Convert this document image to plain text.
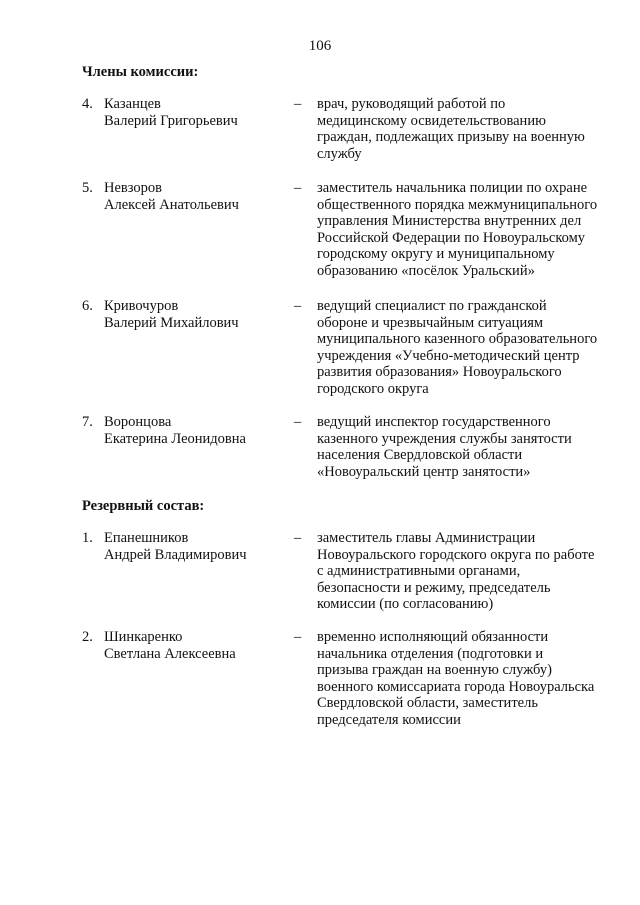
106
Члены комиссии:
4. Казанцев
Валерий Григорьевич
– врач, руководящий работой по
медицинскому освидетельствованию
граждан, подлежащих призыву на военную
службу
5. Невзоров
Алексей Анатольевич
– заместитель начальника полиции по охране
общественного порядка межмуниципального
управления Министерства внутренних дел
Российской Федерации по Новоуральскому
городскому округу и муниципальному
образованию «посёлок Уральский»
6. Кривочуров
Валерий Михайлович
– ведущий специалист по гражданской
обороне и чрезвычайным ситуациям
муниципального казенного образовательного
учреждения «Учебно-методический центр
развития образования» Новоуральского
городского округа
7. Воронцова
Екатерина Леонидовна
– ведущий инспектор государственного
казенного учреждения службы занятости
населения Свердловской области
«Новоуральский центр занятости»
Резервный состав:
1. Епанешников
Андрей Владимирович
– заместитель главы Администрации
Новоуральского городского округа по работе
с административными органами,
безопасности и режиму, председатель
комиссии (по согласованию)
2. Шинкаренко
Светлана Алексеевна
– временно исполняющий обязанности
начальника отделения (подготовки и
призыва граждан на военную службу)
военного комиссариата города Новоуральска
Свердловской области, заместитель
председателя комиссии
